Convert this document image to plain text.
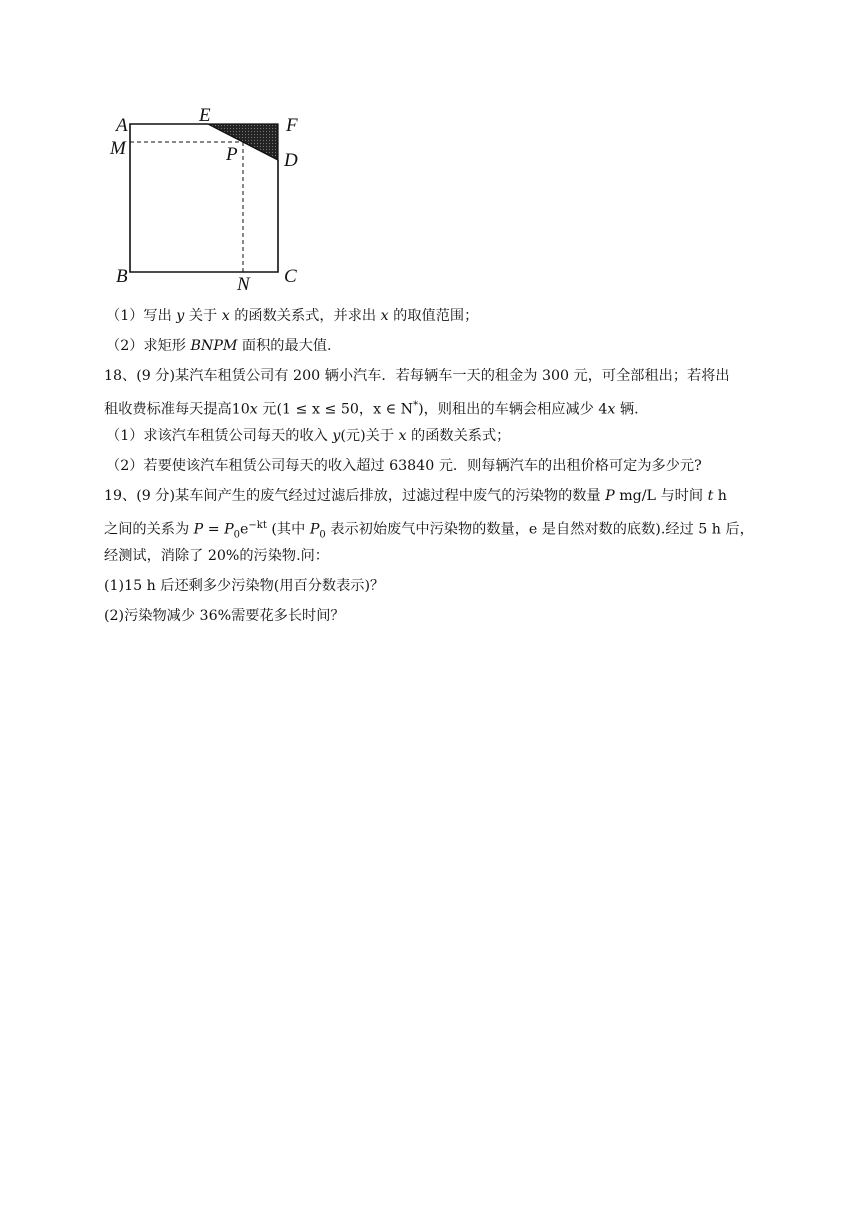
A	E	F
M	P D
B	N C
（1）写出 y 关于 x 的函数关系式，并求出 x 的取值范围；
（2）求矩形 BNPM 面积的最大值.
18、(9 分)某汽车租赁公司有 200 辆小汽车．若每辆车一天的租金为 300 元，可全部租出；若将出
租收费标准每天提高10x 元(1 ≤ x ≤ 50，x ∈ N*)，则租出的车辆会相应减少 4x 辆.
（1）求该汽车租赁公司每天的收入 y(元)关于 x 的函数关系式；
（2）若要使该汽车租赁公司每天的收入超过 63840 元．则每辆汽车的出租价格可定为多少元?
19、(9 分)某车间产生的废气经过过滤后排放，过滤过程中废气的污染物的数量 P mg/L 与时间 t h
之间的关系为 $P = P_0e^{-kt}$ (其中 $P_0$ 表示初始废气中污染物的数量，e 是自然对数的底数).经过 5 h 后，
经测试，消除了 20%的污染物.问：
(1)15 h 后还剩多少污染物(用百分数表示)？
(2)污染物减少 36%需要花多长时间？
